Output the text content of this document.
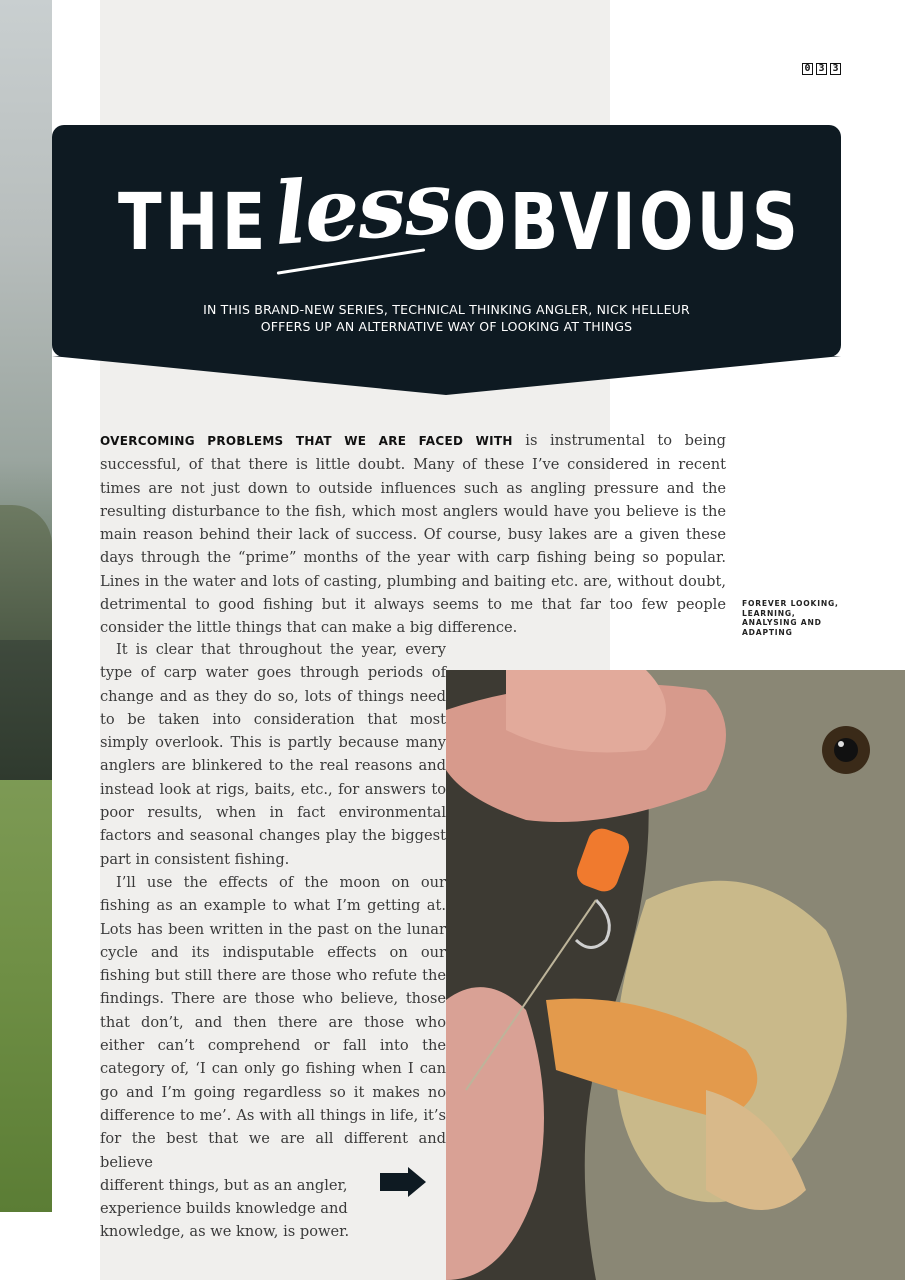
0 3 3
THE less
OBVIOUS
IN THIS BRAND-NEW SERIES, TECHNICAL THINKING ANGLER, NICK HELLEUR
OFFERS UP AN ALTERNATIVE WAY OF LOOKING AT THINGS

OVERCOMING PROBLEMS THAT WE ARE FACED WITH is instrumental to being successful, of that there is little doubt. Many of these I’ve considered in recent times are not just down to outside influences such as angling pressure and the resulting disturbance to the fish, which most anglers would have you believe is the main reason behind their lack of success. Of course, busy lakes are a given these days through the “prime” months of the year with carp fishing being so popular. Lines in the water and lots of casting, plumbing and baiting etc. are, without doubt, detrimental to good fishing but it always seems to me that far too few people consider the little things that can make a big difference.

FOREVER LOOKING, LEARNING, ANALYSING AND ADAPTING

It is clear that throughout the year, every type of carp water goes through periods of change and as they do so, lots of things need to be taken into consideration that most simply overlook. This is partly because many anglers are blinkered to the real reasons and instead look at rigs, baits, etc., for answers to poor results, when in fact environmental factors and seasonal changes play the biggest part in consistent fishing.

I’ll use the effects of the moon on our fishing as an example to what I’m getting at. Lots has been written in the past on the lunar cycle and its indisputable effects on our fishing but still there are those who refute the findings. There are those who believe, those that don’t, and then there are those who either can’t comprehend or fall into the category of, ‘I can only go fishing when I can go and I’m going regardless so it makes no difference to me’. As with all things in life, it’s for the best that we are all different and believe

different things, but as an angler, experience builds knowledge and knowledge, as we know, is power.
